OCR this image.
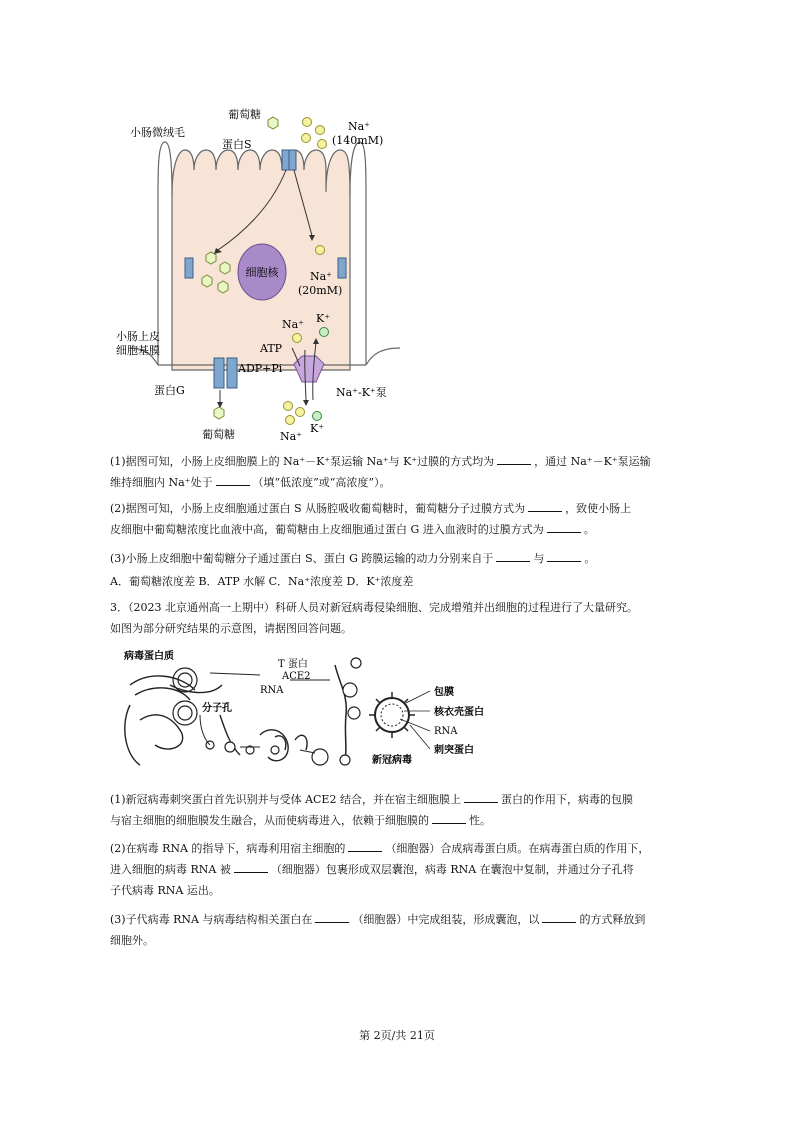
细胞核
葡萄糖
Na⁺
(140mM)
小肠微绒毛
蛋白S
Na⁺
(20mM)
小肠上皮
细胞基膜	ATP
ADP+Pi
Na⁺ K⁺
蛋白G	Na⁺-K⁺泵
葡萄糖	Na⁺
K⁺

(1)据图可知，小肠上皮细胞膜上的 Na⁺－K⁺泵运输 Na⁺与 K⁺过膜的方式均为	，通过 Na⁺－K⁺泵运输
维持细胞内 Na⁺处于	（填“低浓度”或“高浓度”）。

(2)据图可知，小肠上皮细胞通过蛋白 S 从肠腔吸收葡萄糖时，葡萄糖分子过膜方式为	，致使小肠上
皮细胞中葡萄糖浓度比血液中高，葡萄糖由上皮细胞通过蛋白 G 进入血液时的过膜方式为	。

(3)小肠上皮细胞中葡萄糖分子通过蛋白 S、蛋白 G 跨膜运输的动力分别来自于	与	。

A．葡萄糖浓度差 B．ATP 水解 C．Na⁺浓度差 D．K⁺浓度差

3．（2023 北京通州高一上期中）科研人员对新冠病毒侵染细胞、完成增殖并出细胞的过程进行了大量研究。
如图为部分研究结果的示意图，请据图回答问题。

病毒蛋白质
T 蛋白
ACE2
RNA
分子孔
包膜
核衣壳蛋白
RNA
刺突蛋白
新冠病毒

(1)新冠病毒刺突蛋白首先识别并与受体 ACE2 结合，并在宿主细胞膜上	蛋白的作用下，病毒的包膜
与宿主细胞的细胞膜发生融合，从而使病毒进入，依赖于细胞膜的	性。

(2)在病毒 RNA 的指导下，病毒利用宿主细胞的	（细胞器）合成病毒蛋白质。在病毒蛋白质的作用下，
进入细胞的病毒 RNA 被	（细胞器）包裹形成双层囊泡，病毒 RNA 在囊泡中复制，并通过分子孔将
子代病毒 RNA 运出。

(3)子代病毒 RNA 与病毒结构相关蛋白在	（细胞器）中完成组装，形成囊泡，以	的方式释放到
细胞外。

第 2页/共 21页
